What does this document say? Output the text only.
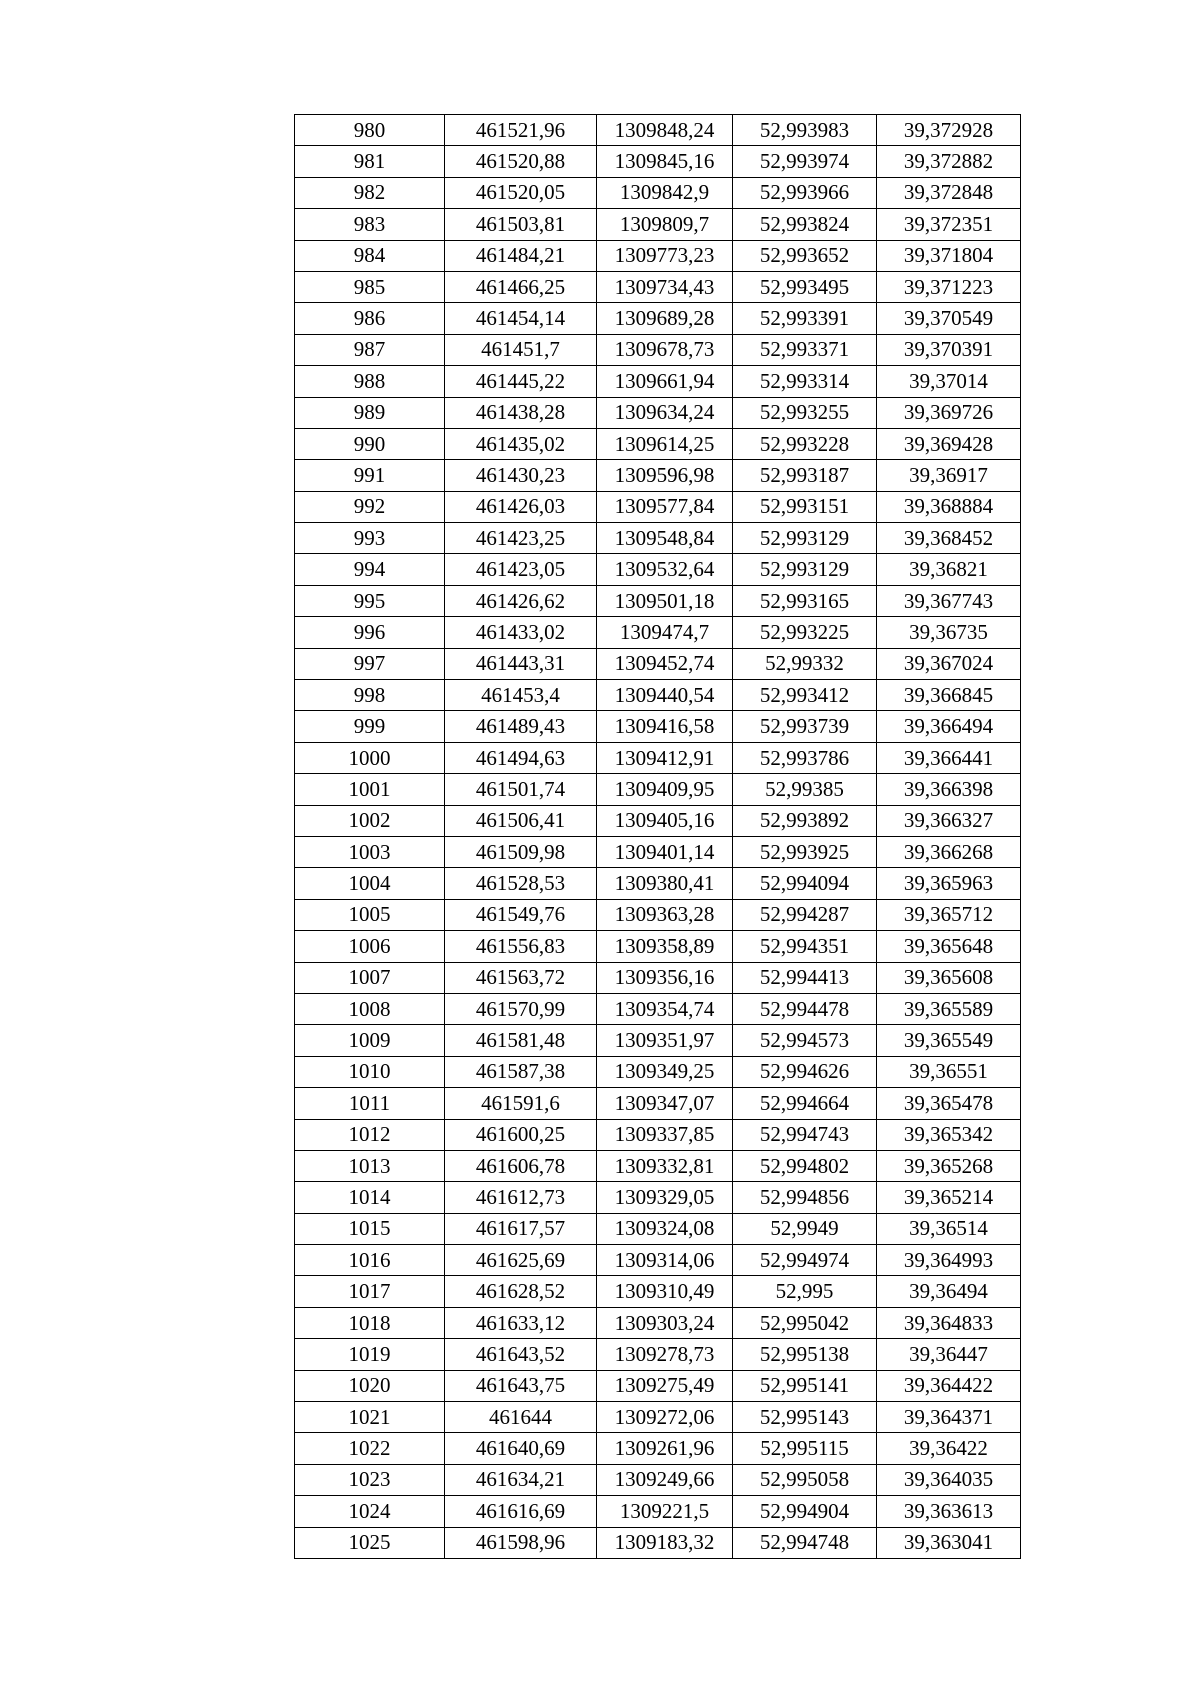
980	461521,96	1309848,24	52,993983	39,372928
981	461520,88	1309845,16	52,993974	39,372882
982	461520,05	1309842,9	52,993966	39,372848
983	461503,81	1309809,7	52,993824	39,372351
984	461484,21	1309773,23	52,993652	39,371804
985	461466,25	1309734,43	52,993495	39,371223
986	461454,14	1309689,28	52,993391	39,370549
987	461451,7	1309678,73	52,993371	39,370391
988	461445,22	1309661,94	52,993314	39,37014
989	461438,28	1309634,24	52,993255	39,369726
990	461435,02	1309614,25	52,993228	39,369428
991	461430,23	1309596,98	52,993187	39,36917
992	461426,03	1309577,84	52,993151	39,368884
993	461423,25	1309548,84	52,993129	39,368452
994	461423,05	1309532,64	52,993129	39,36821
995	461426,62	1309501,18	52,993165	39,367743
996	461433,02	1309474,7	52,993225	39,36735
997	461443,31	1309452,74	52,99332	39,367024
998	461453,4	1309440,54	52,993412	39,366845
999	461489,43	1309416,58	52,993739	39,366494
1000	461494,63	1309412,91	52,993786	39,366441
1001	461501,74	1309409,95	52,99385	39,366398
1002	461506,41	1309405,16	52,993892	39,366327
1003	461509,98	1309401,14	52,993925	39,366268
1004	461528,53	1309380,41	52,994094	39,365963
1005	461549,76	1309363,28	52,994287	39,365712
1006	461556,83	1309358,89	52,994351	39,365648
1007	461563,72	1309356,16	52,994413	39,365608
1008	461570,99	1309354,74	52,994478	39,365589
1009	461581,48	1309351,97	52,994573	39,365549
1010	461587,38	1309349,25	52,994626	39,36551
1011	461591,6	1309347,07	52,994664	39,365478
1012	461600,25	1309337,85	52,994743	39,365342
1013	461606,78	1309332,81	52,994802	39,365268
1014	461612,73	1309329,05	52,994856	39,365214
1015	461617,57	1309324,08	52,9949	39,36514
1016	461625,69	1309314,06	52,994974	39,364993
1017	461628,52	1309310,49	52,995	39,36494
1018	461633,12	1309303,24	52,995042	39,364833
1019	461643,52	1309278,73	52,995138	39,36447
1020	461643,75	1309275,49	52,995141	39,364422
1021	461644	1309272,06	52,995143	39,364371
1022	461640,69	1309261,96	52,995115	39,36422
1023	461634,21	1309249,66	52,995058	39,364035
1024	461616,69	1309221,5	52,994904	39,363613
1025	461598,96	1309183,32	52,994748	39,363041
